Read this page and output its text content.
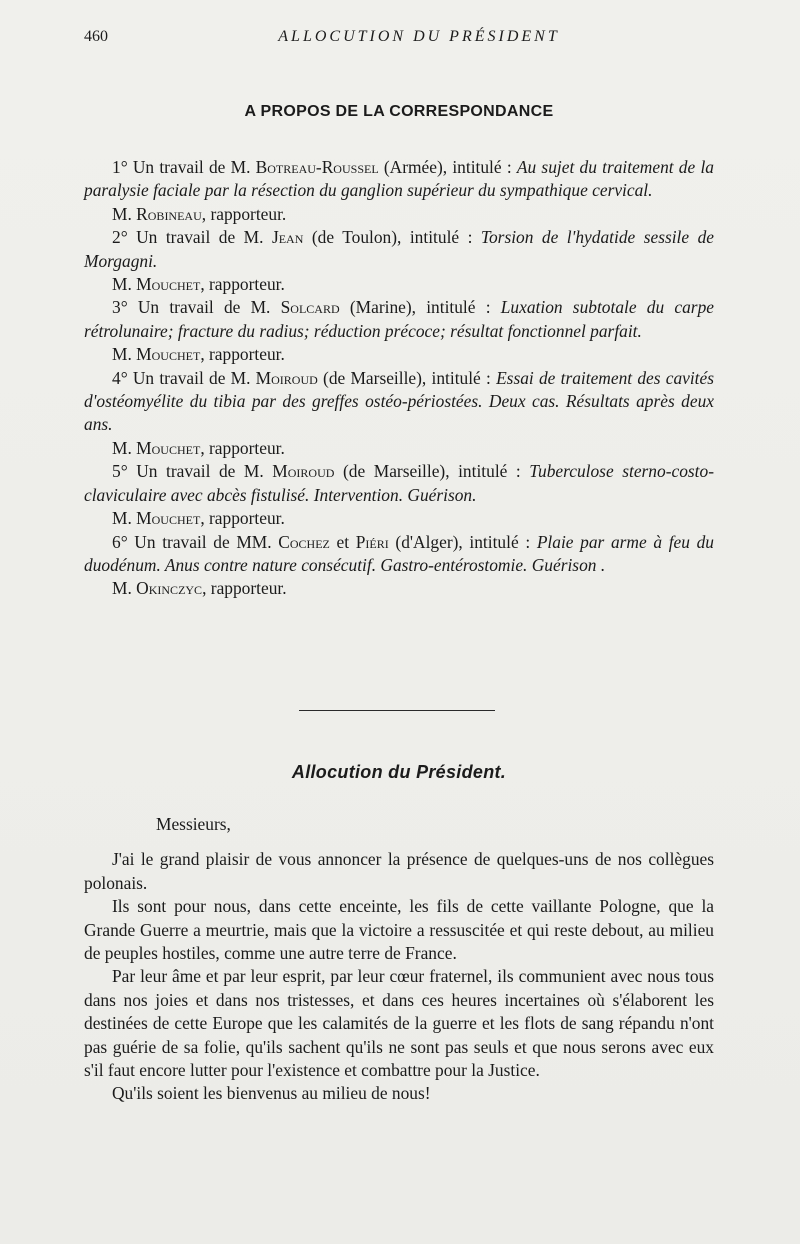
460	ALLOCUTION DU PRÉSIDENT
A PROPOS DE LA CORRESPONDANCE

1° Un travail de M. Botreau-Roussel (Armée), intitulé : Au sujet du traitement de la paralysie faciale par la résection du ganglion supérieur du sympathique cervical.

M. Robineau, rapporteur.

2° Un travail de M. Jean (de Toulon), intitulé : Torsion de l'hydatide sessile de Morgagni.

M. Mouchet, rapporteur.

3° Un travail de M. Solcard (Marine), intitulé : Luxation subtotale du carpe rétrolunaire; fracture du radius; réduction précoce; résultat fonctionnel parfait.

M. Mouchet, rapporteur.

4° Un travail de M. Moiroud (de Marseille), intitulé : Essai de traitement des cavités d'ostéomyélite du tibia par des greffes ostéo-périostées. Deux cas. Résultats après deux ans.

M. Mouchet, rapporteur.

5° Un travail de M. Moiroud (de Marseille), intitulé : Tuberculose sterno-costo-claviculaire avec abcès fistulisé. Intervention. Guérison.

M. Mouchet, rapporteur.

6° Un travail de MM. Cochez et Piéri (d'Alger), intitulé : Plaie par arme à feu du duodénum. Anus contre nature consécutif. Gastro-entérostomie. Guérison .

M. Okinczyc, rapporteur.

Allocution du Président.

Messieurs,

J'ai le grand plaisir de vous annoncer la présence de quelques-uns de nos collègues polonais.

Ils sont pour nous, dans cette enceinte, les fils de cette vaillante Pologne, que la Grande Guerre a meurtrie, mais que la victoire a ressuscitée et qui reste debout, au milieu de peuples hostiles, comme une autre terre de France.

Par leur âme et par leur esprit, par leur cœur fraternel, ils communient avec nous tous dans nos joies et dans nos tristesses, et dans ces heures incertaines où s'élaborent les destinées de cette Europe que les calamités de la guerre et les flots de sang répandu n'ont pas guérie de sa folie, qu'ils sachent qu'ils ne sont pas seuls et que nous serons avec eux s'il faut encore lutter pour l'existence et combattre pour la Justice.

Qu'ils soient les bienvenus au milieu de nous!
